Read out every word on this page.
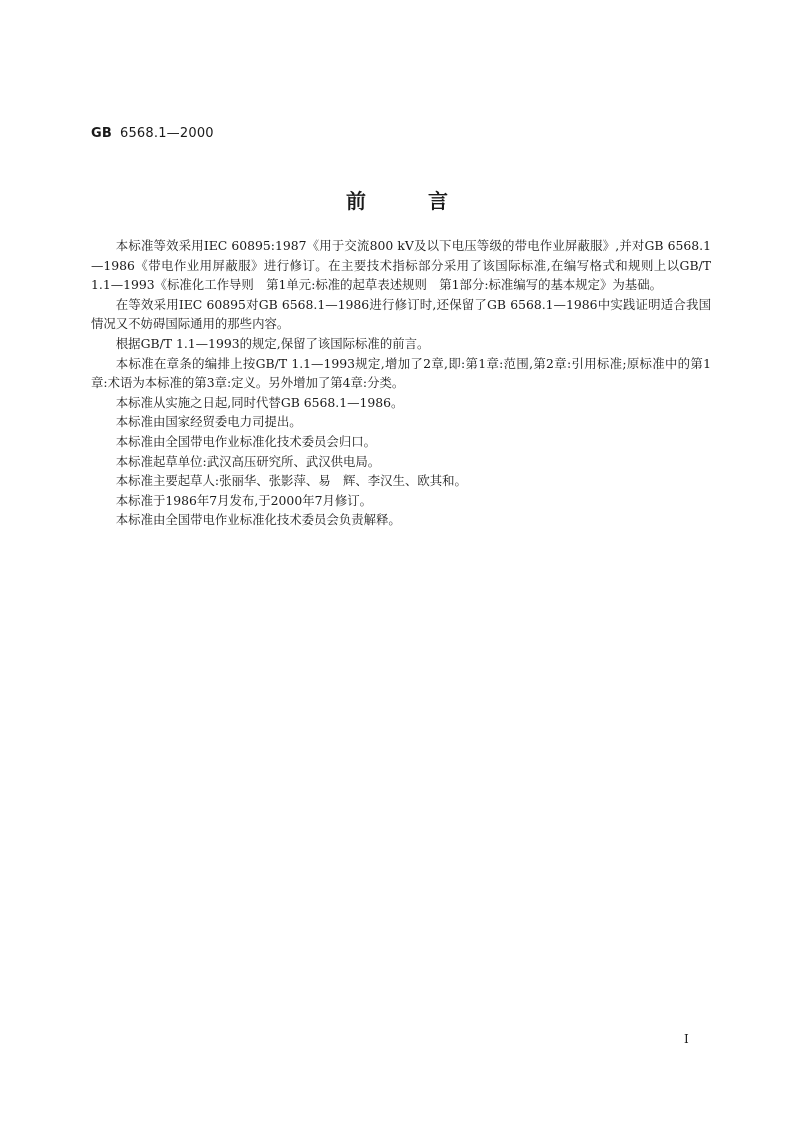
GB 6568.1—2000
前	言

本标准等效采用IEC 60895:1987《用于交流800 kV及以下电压等级的带电作业屏蔽服》,并对GB 6568.1—1986《带电作业用屏蔽服》进行修订。在主要技术指标部分采用了该国际标准,在编写格式和规则上以GB/T 1.1—1993《标准化工作导则　第1单元:标准的起草表述规则　第1部分:标准编写的基本规定》为基础。

在等效采用IEC 60895对GB 6568.1—1986进行修订时,还保留了GB 6568.1—1986中实践证明适合我国情况又不妨碍国际通用的那些内容。

根据GB/T 1.1—1993的规定,保留了该国际标准的前言。

本标准在章条的编排上按GB/T 1.1—1993规定,增加了2章,即:第1章:范围,第2章:引用标准;原标准中的第1章:术语为本标准的第3章:定义。另外增加了第4章:分类。

本标准从实施之日起,同时代替GB 6568.1—1986。

本标准由国家经贸委电力司提出。

本标准由全国带电作业标准化技术委员会归口。

本标准起草单位:武汉高压研究所、武汉供电局。

本标准主要起草人:张丽华、张影萍、易　辉、李汉生、欧其和。

本标准于1986年7月发布,于2000年7月修订。

本标准由全国带电作业标准化技术委员会负责解释。

I
